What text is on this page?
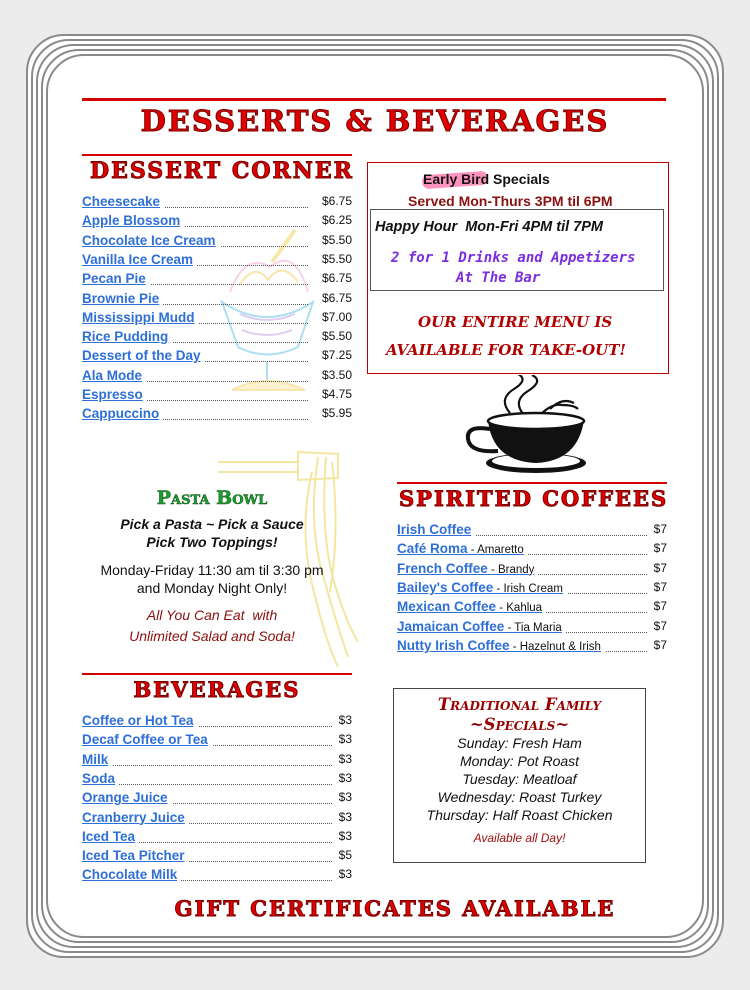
DESSERTS & BEVERAGES
DESSERT CORNER
Cheesecake	$6.75
Apple Blossom	$6.25
Chocolate Ice Cream	$5.50
Vanilla Ice Cream	$5.50
Pecan Pie	$6.75
Brownie Pie	$6.75
Mississippi Mudd	$7.00
Rice Pudding	$5.50
Dessert of the Day	$7.25
Ala Mode	$3.50
Espresso	$4.75
Cappuccino	$5.95
Early Bird Specials
Served Mon-Thurs 3PM til 6PM
Happy Hour  Mon-Fri 4PM til 7PM
2 for 1 Drinks and Appetizers
At The Bar
OUR ENTIRE MENU IS
AVAILABLE FOR TAKE-OUT!
Pasta Bowl
Pick a Pasta ~ Pick a Sauce
Pick Two Toppings!
Monday-Friday 11:30 am til 3:30 pm
and Monday Night Only!
All You Can Eat  with
Unlimited Salad and Soda!
SPIRITED COFFEES
Irish Coffee	$7
Café Roma - Amaretto	$7
French Coffee - Brandy	$7
Bailey's Coffee - Irish Cream	$7
Mexican Coffee - Kahlua	$7
Jamaican Coffee - Tia Maria	$7
Nutty Irish Coffee - Hazelnut & Irish	$7
BEVERAGES
Coffee or Hot Tea	$3
Decaf Coffee or Tea	$3
Milk	$3
Soda	$3
Orange Juice	$3
Cranberry Juice	$3
Iced Tea	$3
Iced Tea Pitcher	$5
Chocolate Milk	$3
Traditional Family
~Specials~
Sunday: Fresh Ham
Monday: Pot Roast
Tuesday: Meatloaf
Wednesday: Roast Turkey
Thursday: Half Roast Chicken
Available all Day!
GIFT CERTIFICATES AVAILABLE
